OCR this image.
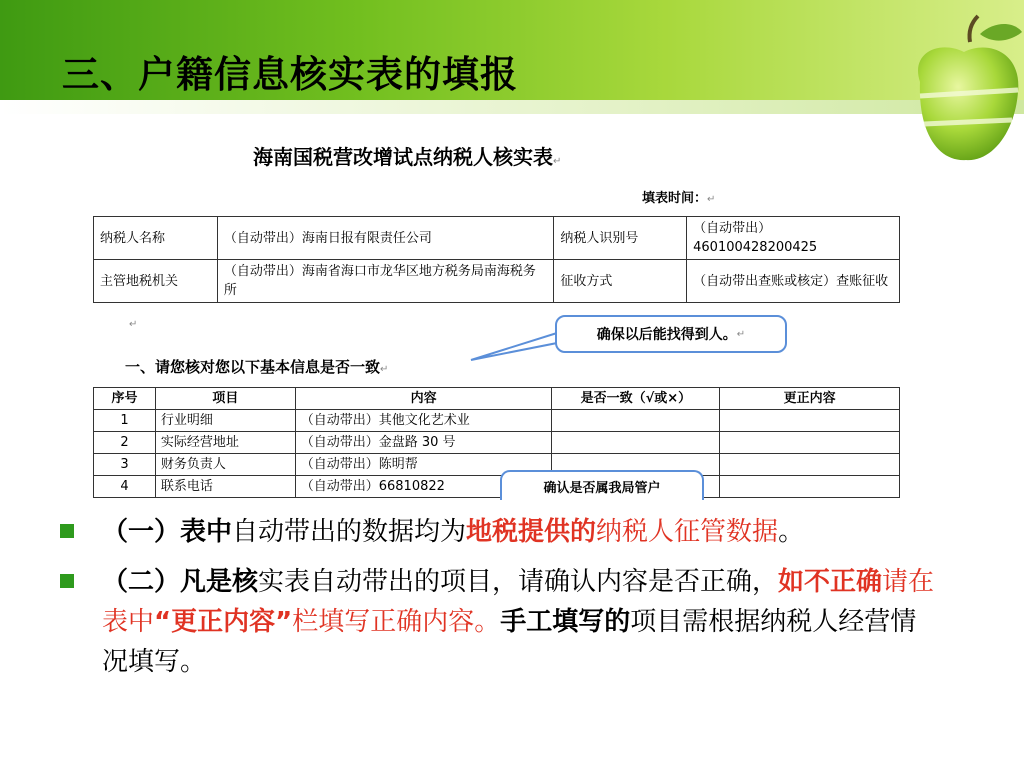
三、户籍信息核实表的填报
海南国税营改增试点纳税人核实表↵
填表时间：↵
纳税人名称	（自动带出）海南日报有限责任公司	纳税人识别号	（自动带出）460100428200425
主管地税机关	（自动带出）海南省海口市龙华区地方税务局南海税务所	征收方式	（自动带出查账或核定）查账征收
↵
确保以后能找得到人。 ↵
一、请您核对您以下基本信息是否一致↵
序号	项目	内容	是否一致（√或×）	更正内容
1	行业明细	（自动带出）其他文化艺术业		
2	实际经营地址	（自动带出）金盘路 30 号		
3	财务负责人	（自动带出）陈明帮		
4	联系电话	（自动带出）66810822			确认是否属我局管户
（一）表中自动带出的数据均为地税提供的纳税人征管数据。
（二）凡是核实表自动带出的项目，请确认内容是否正确，如不正确请在表中“更正内容”栏填写正确内容。手工填写的项目需根据纳税人经营情况填写。
